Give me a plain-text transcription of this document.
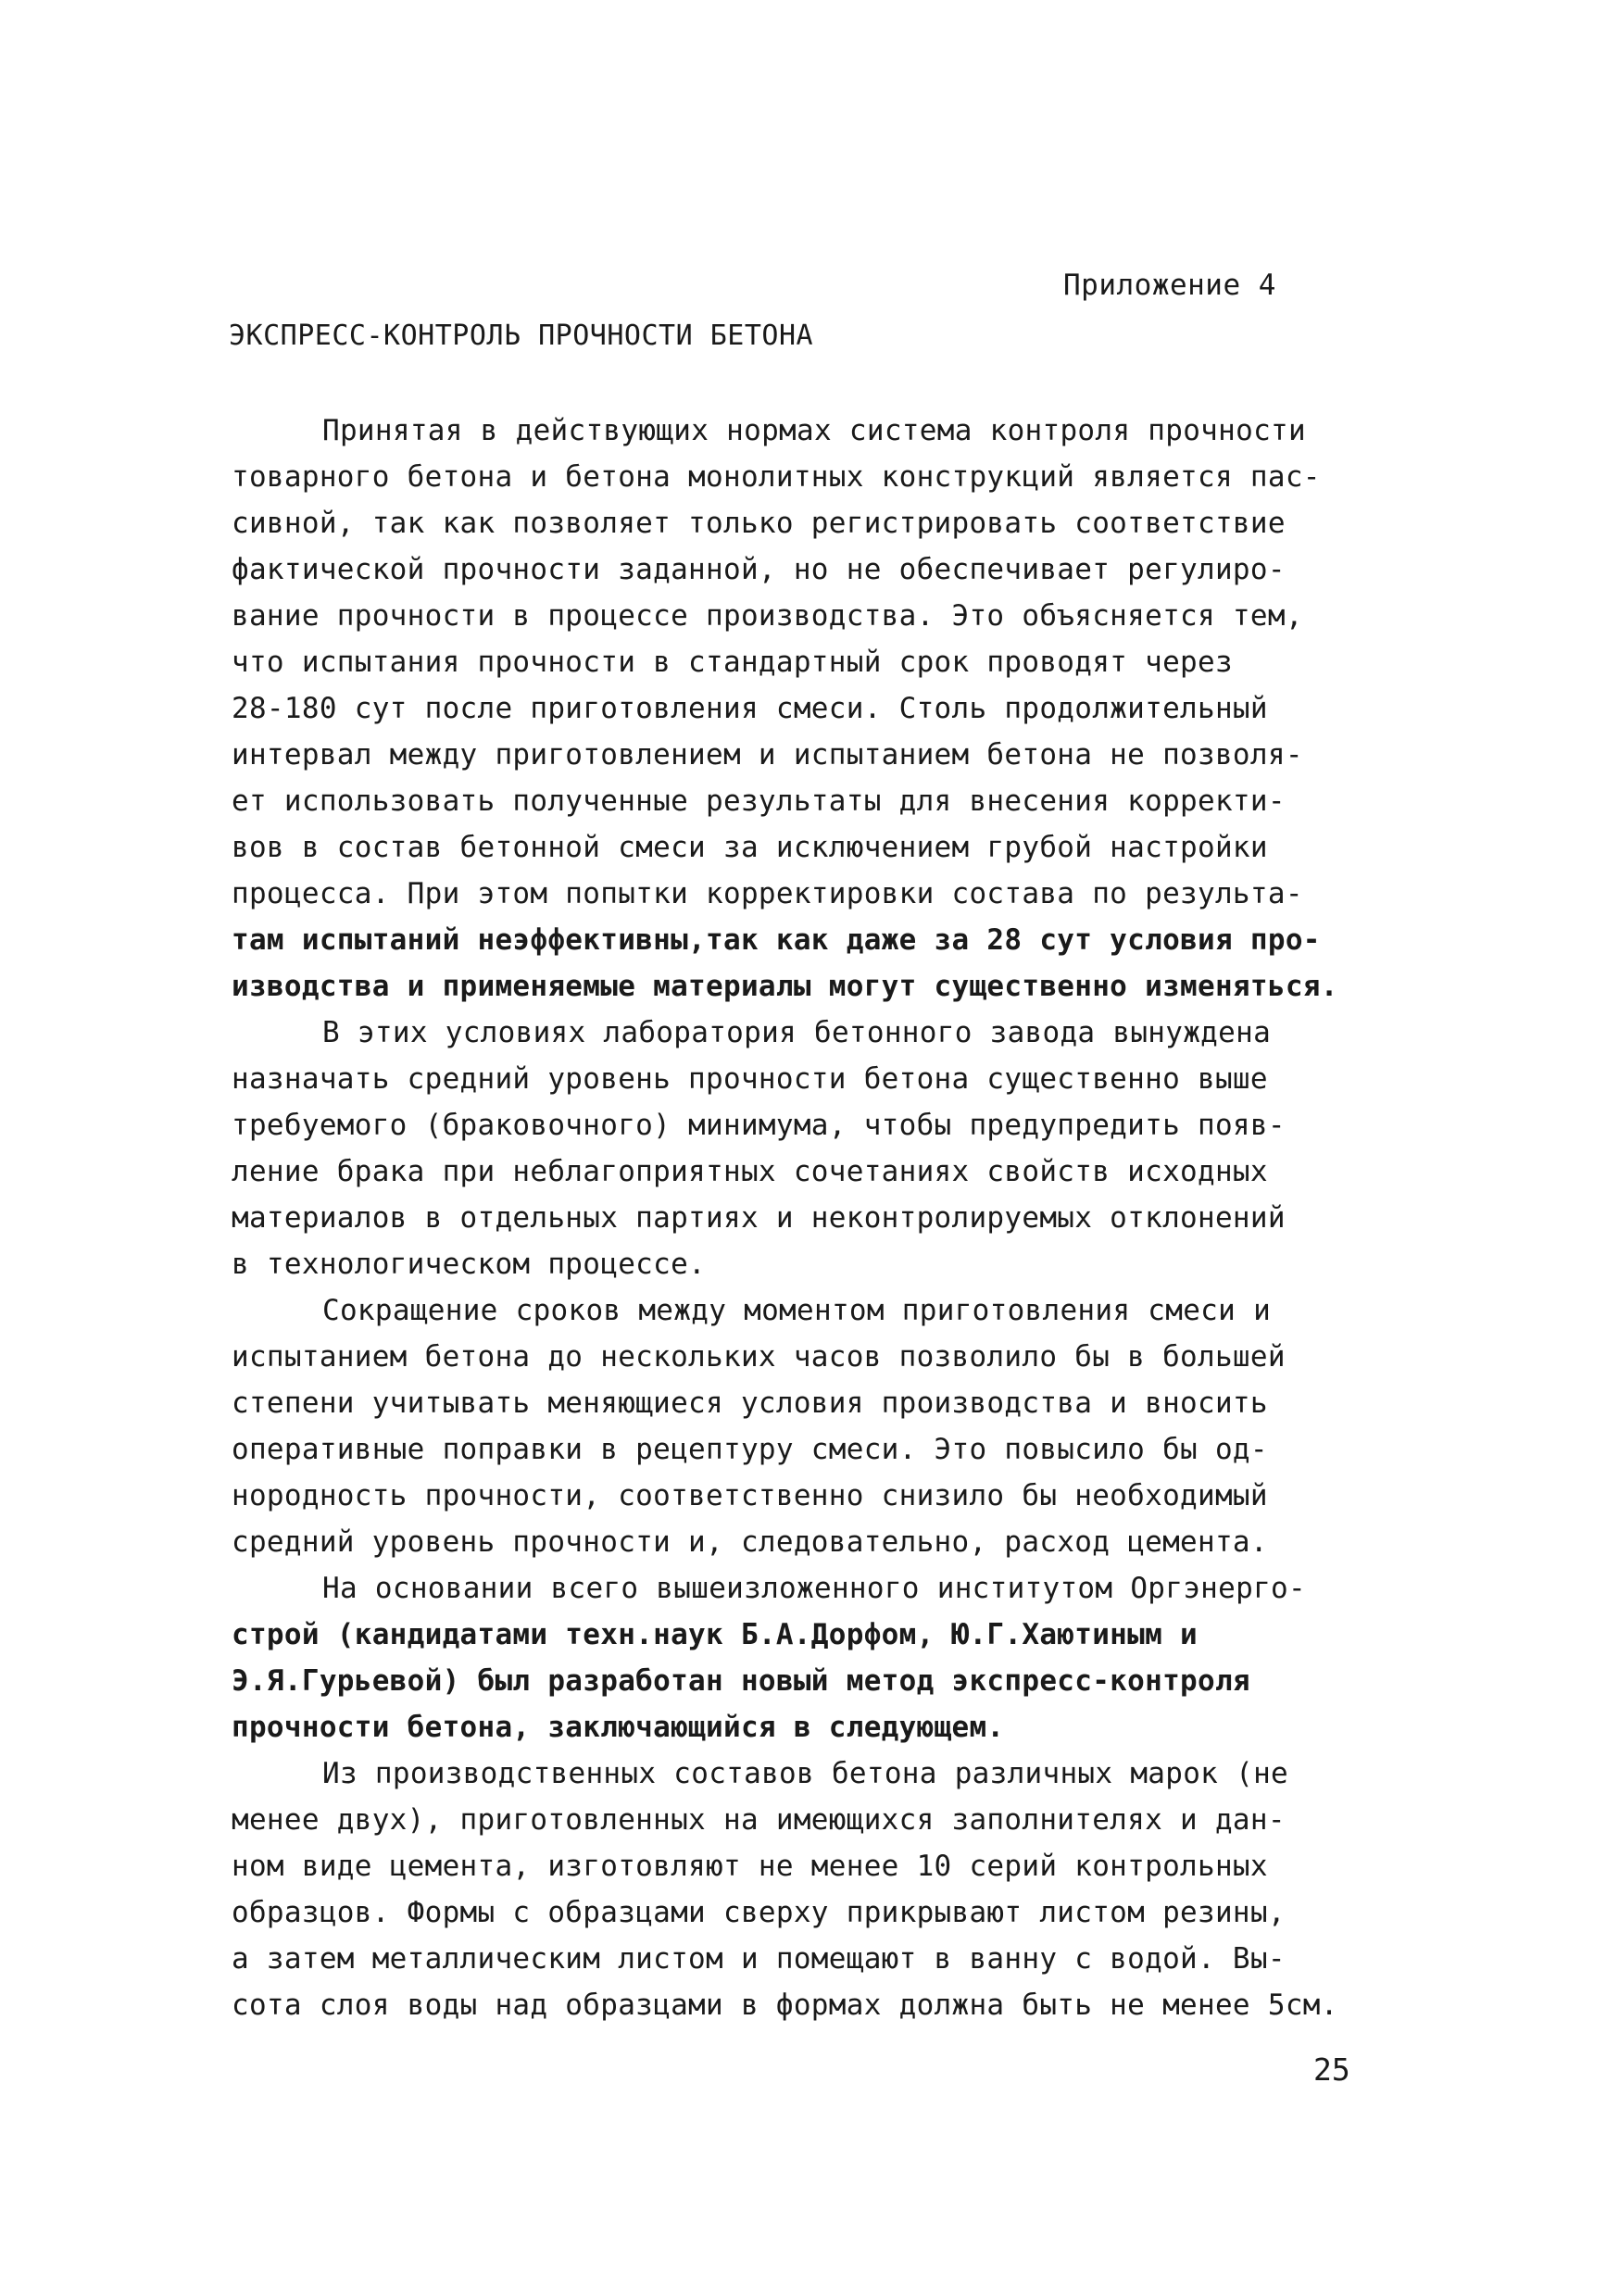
Приложение 4
ЭКСПРЕСС-КОНТРОЛЬ ПРОЧНОСТИ БЕТОНА
Принятая в действующих нормах система контроля прочности
товарного бетона и бетона монолитных конструкций является пас-
сивной, так как позволяет только регистрировать соответствие
фактической прочности заданной, но не обеспечивает регулиро-
вание прочности в процессе производства. Это объясняется тем,
что испытания прочности в стандартный срок проводят через
28-180 сут после приготовления смеси. Столь продолжительный
интервал между приготовлением и испытанием бетона не позволя-
ет использовать полученные результаты для внесения корректи-
вов в состав бетонной смеси за исключением грубой настройки
процесса. При этом попытки корректировки состава по результа-
там испытаний неэффективны,так как даже за 28 сут условия про-
изводства и применяемые материалы могут существенно изменяться.
В этих условиях лаборатория бетонного завода вынуждена
назначать средний уровень прочности бетона существенно выше
требуемого (браковочного) минимума, чтобы предупредить появ-
ление брака при неблагоприятных сочетаниях свойств исходных
материалов в отдельных партиях и неконтролируемых отклонений
в технологическом процессе.
Сокращение сроков между моментом приготовления смеси и
испытанием бетона до нескольких часов позволило бы в большей
степени учитывать меняющиеся условия производства и вносить
оперативные поправки в рецептуру смеси. Это повысило бы од-
нородность прочности, соответственно снизило бы необходимый
средний уровень прочности и, следовательно, расход цемента.
На основании всего вышеизложенного институтом Оргэнерго-
строй (кандидатами техн.наук Б.А.Дорфом, Ю.Г.Хаютиным и
Э.Я.Гурьевой) был разработан новый метод экспресс-контроля
прочности бетона, заключающийся в следующем.
Из производственных составов бетона различных марок (не
менее двух), приготовленных на имеющихся заполнителях и дан-
ном виде цемента, изготовляют не менее 10 серий контрольных
образцов. Формы с образцами сверху прикрывают листом резины,
а затем металлическим листом и помещают в ванну с водой. Вы-
сота слоя воды над образцами в формах должна быть не менее 5см.
25
